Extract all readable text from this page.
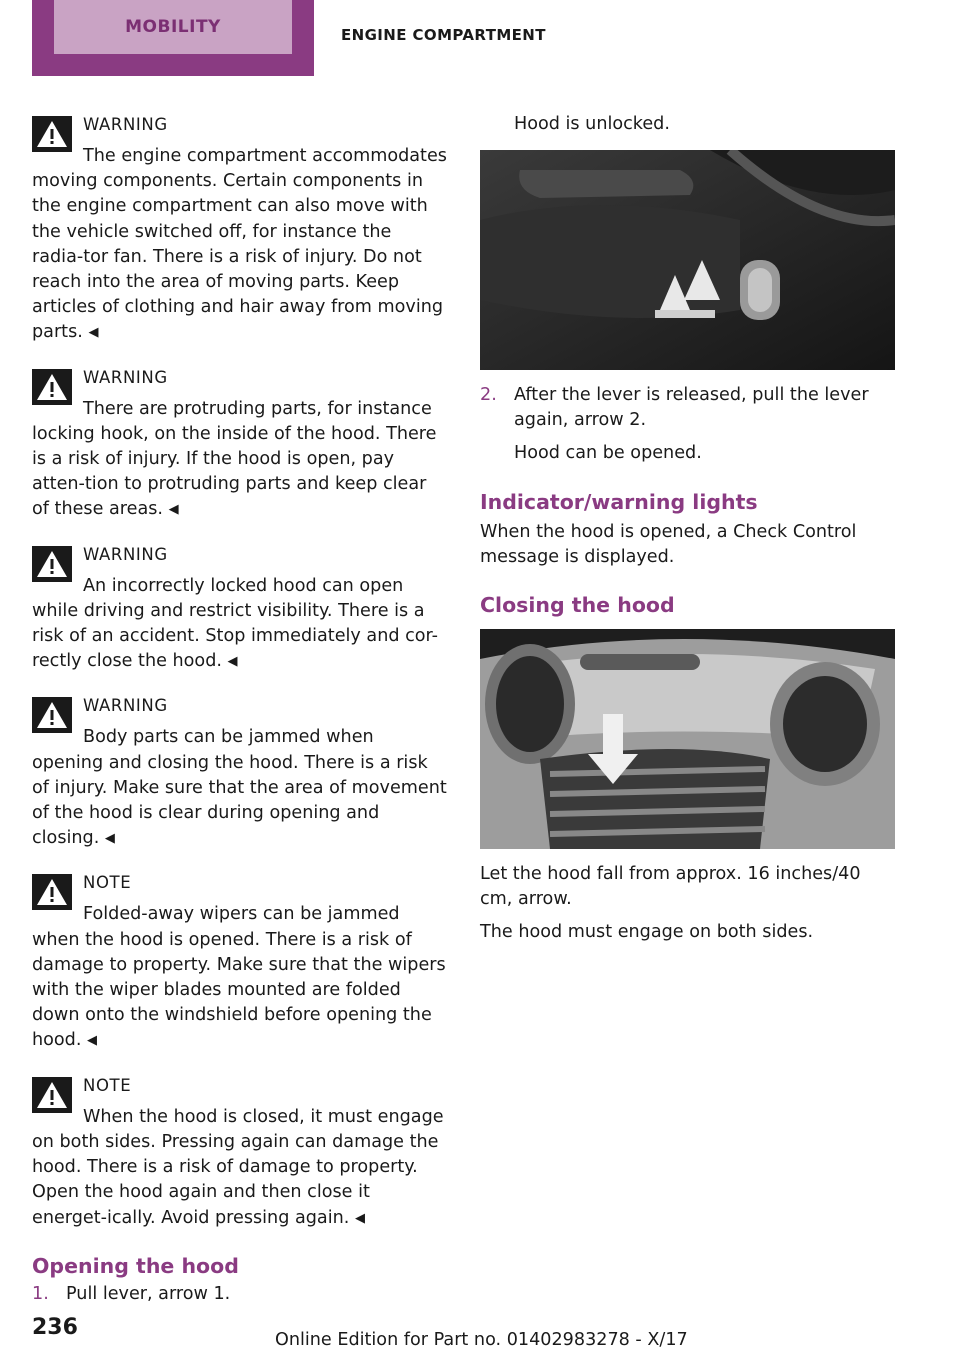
MOBILITY	ENGINE COMPARTMENT
WARNING

The engine compartment accommodates moving components. Certain components in the engine compartment can also move with the vehicle switched off, for instance the radia-tor fan. There is a risk of injury. Do not reach into the area of moving parts. Keep articles of clothing and hair away from moving parts. ◀

WARNING

There are protruding parts, for instance locking hook, on the inside of the hood. There is a risk of injury. If the hood is open, pay atten-tion to protruding parts and keep clear of these areas. ◀

WARNING

An incorrectly locked hood can open while driving and restrict visibility. There is a risk of an accident. Stop immediately and cor-rectly close the hood. ◀

WARNING

Body parts can be jammed when opening and closing the hood. There is a risk of injury. Make sure that the area of movement of the hood is clear during opening and closing. ◀

NOTE

Folded-away wipers can be jammed when the hood is opened. There is a risk of damage to property. Make sure that the wipers with the wiper blades mounted are folded down onto the windshield before opening the hood. ◀

NOTE

When the hood is closed, it must engage on both sides. Pressing again can damage the hood. There is a risk of damage to property. Open the hood again and then close it energet-ically. Avoid pressing again. ◀

Opening the hood
1. Pull lever, arrow 1.

Hood is unlocked.

2. After the lever is released, pull the lever again, arrow 2.

Hood can be opened.

Indicator/warning lights

When the hood is opened, a Check Control message is displayed.

Closing the hood

Let the hood fall from approx. 16 inches/40 cm, arrow.

The hood must engage on both sides.

236	Online Edition for Part no. 01402983278 - X/17
